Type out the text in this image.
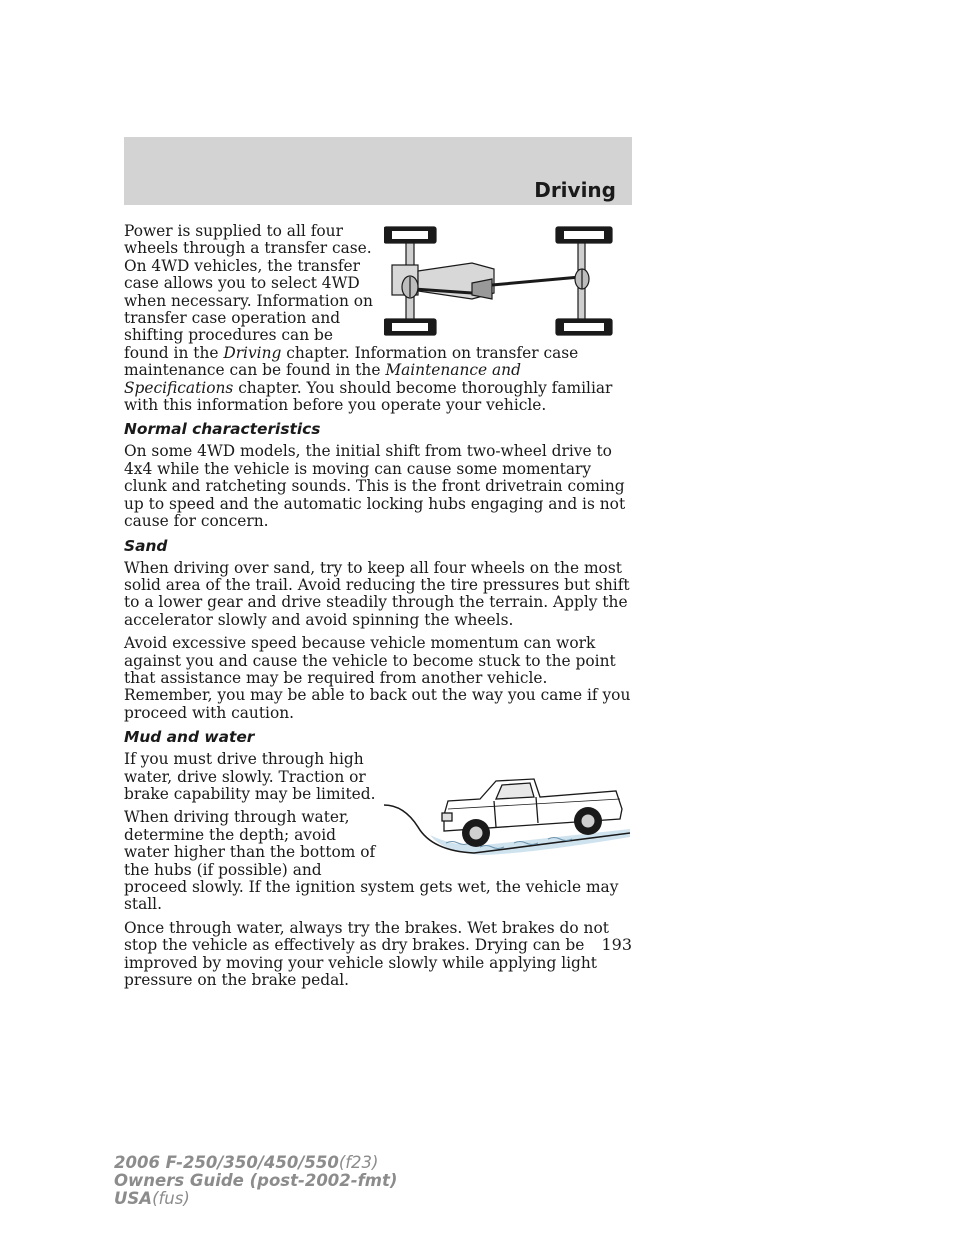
Driving

Power is supplied to all four wheels through a transfer case. On 4WD vehicles, the transfer case allows you to select 4WD when necessary. Information on transfer case operation and shifting procedures can be found in the Driving chapter. Information on transfer case maintenance can be found in the Maintenance and Specifications chapter. You should become thoroughly familiar with this information before you operate your vehicle.

Normal characteristics

On some 4WD models, the initial shift from two-wheel drive to 4x4 while the vehicle is moving can cause some momentary clunk and ratcheting sounds. This is the front drivetrain coming up to speed and the automatic locking hubs engaging and is not cause for concern.

Sand

When driving over sand, try to keep all four wheels on the most solid area of the trail. Avoid reducing the tire pressures but shift to a lower gear and drive steadily through the terrain. Apply the accelerator slowly and avoid spinning the wheels.

Avoid excessive speed because vehicle momentum can work against you and cause the vehicle to become stuck to the point that assistance may be required from another vehicle. Remember, you may be able to back out the way you came if you proceed with caution.

Mud and water

If you must drive through high water, drive slowly. Traction or brake capability may be limited.

When driving through water, determine the depth; avoid water higher than the bottom of the hubs (if possible) and proceed slowly. If the ignition system gets wet, the vehicle may stall.

Once through water, always try the brakes. Wet brakes do not stop the vehicle as effectively as dry brakes. Drying can be improved by moving your vehicle slowly while applying light pressure on the brake pedal.

193
2006 F-250/350/450/550(f23)
Owners Guide (post-2002-fmt)
USA(fus)
